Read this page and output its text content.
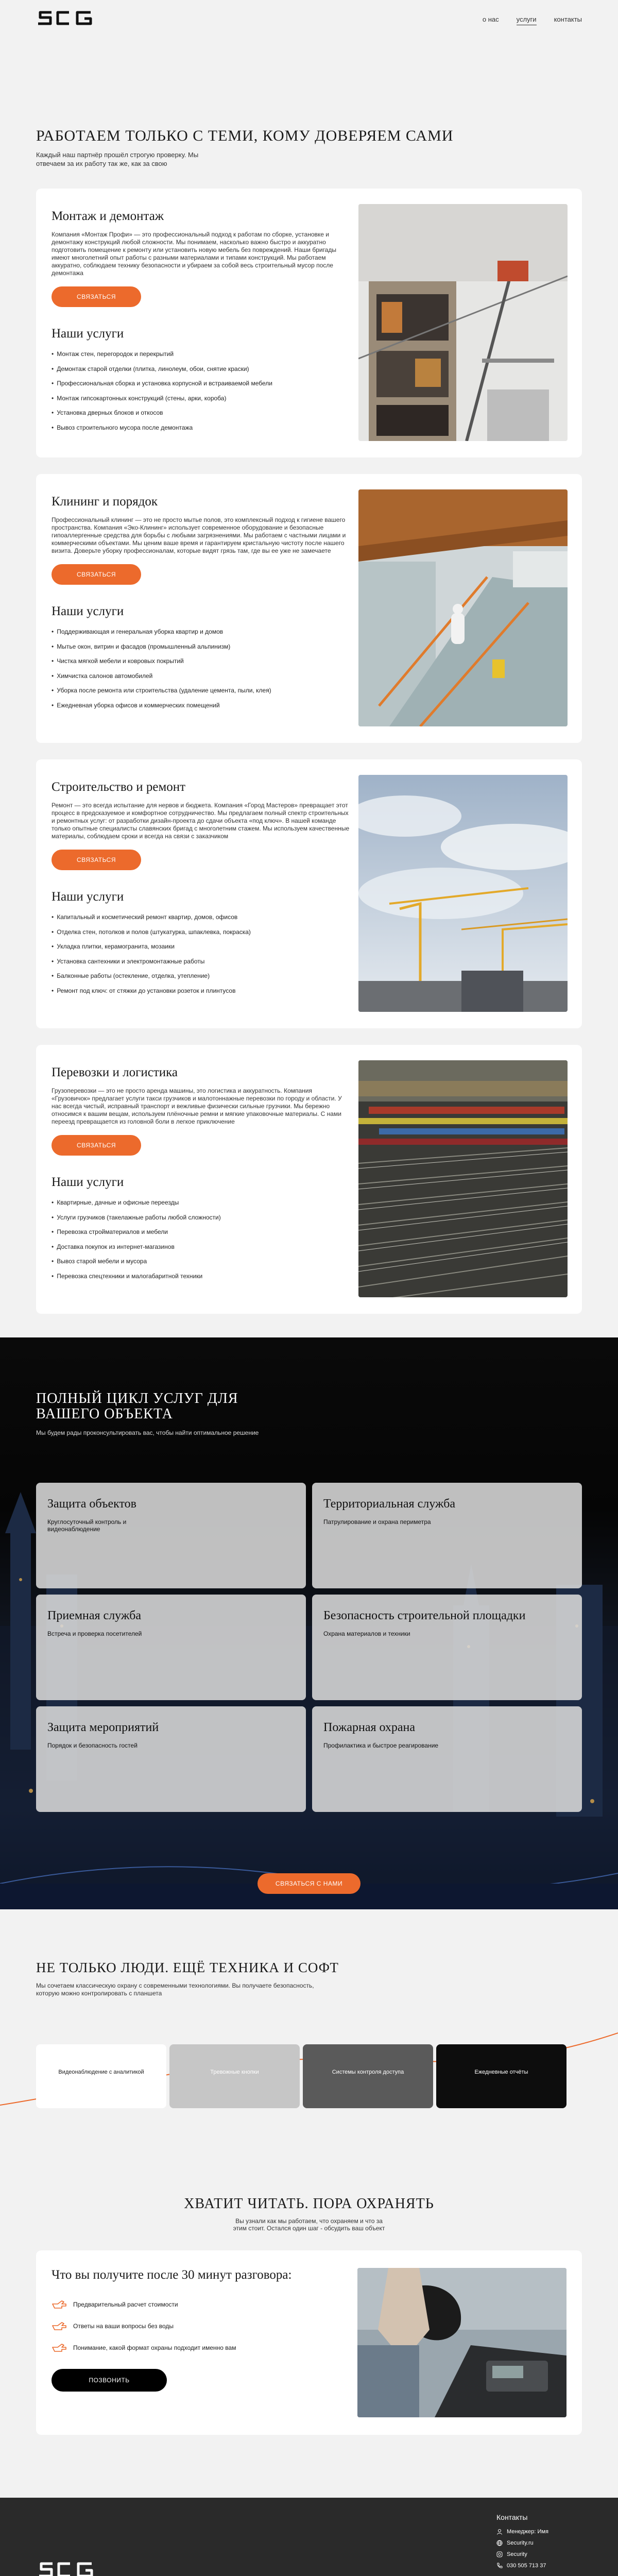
о нас	услуги	контакты
РАБОТАЕМ ТОЛЬКО С ТЕМИ, КОМУ ДОВЕРЯЕМ САМИ

Каждый наш партнёр прошёл строгую проверку. Мы отвечаем за их работу так же, как за свою

Монтаж и демонтаж

Компания «Монтаж Профи» — это профессиональный подход к работам по сборке, установке и демонтажу конструкций любой сложности. Мы понимаем, насколько важно быстро и аккуратно подготовить помещение к ремонту или установить новую мебель без повреждений. Наши бригады имеют многолетний опыт работы с разными материалами и типами конструкций. Мы работаем аккуратно, соблюдаем технику безопасности и убираем за собой весь строительный мусор после демонтажа

СВЯЗАТЬСЯ
Наши услуги
• Монтаж стен, перегородок и перекрытий
• Демонтаж старой отделки (плитка, линолеум, обои, снятие краски)
• Профессиональная сборка и установка корпусной и встраиваемой мебели
• Монтаж гипсокартонных конструкций (стены, арки, короба)
• Установка дверных блоков и откосов
• Вывоз строительного мусора после демонтажа
Клининг и порядок

Профессиональный клининг — это не просто мытье полов, это комплексный подход к гигиене вашего пространства. Компания «Эко-Клининг» использует современное оборудование и безопасные гипоаллергенные средства для борьбы с любыми загрязнениями. Мы работаем с частными лицами и коммерческими объектами. Мы ценим ваше время и гарантируем кристальную чистоту после нашего визита. Доверьте уборку профессионалам, которые видят грязь там, где вы ее уже не замечаете

СВЯЗАТЬСЯ
Наши услуги
• Поддерживающая и генеральная уборка квартир и домов
• Мытье окон, витрин и фасадов (промышленный альпинизм)
• Чистка мягкой мебели и ковровых покрытий
• Химчистка салонов автомобилей
• Уборка после ремонта или строительства (удаление цемента, пыли, клея)
• Ежедневная уборка офисов и коммерческих помещений
Строительство и ремонт

Ремонт — это всегда испытание для нервов и бюджета. Компания «Город Мастеров» превращает этот процесс в предсказуемое и комфортное сотрудничество. Мы предлагаем полный спектр строительных и ремонтных услуг: от разработки дизайн-проекта до сдачи объекта «под ключ». В нашей команде только опытные специалисты славянских бригад с многолетним стажем. Мы используем качественные материалы, соблюдаем сроки и всегда на связи с заказчиком

СВЯЗАТЬСЯ
Наши услуги
• Капитальный и косметический ремонт квартир, домов, офисов
• Отделка стен, потолков и полов (штукатурка, шпаклевка, покраска)
• Укладка плитки, керамогранита, мозаики
• Установка сантехники и электромонтажные работы
• Балконные работы (остекление, отделка, утепление)
• Ремонт под ключ: от стяжки до установки розеток и плинтусов
Перевозки и логистика

Грузоперевозки — это не просто аренда машины, это логистика и аккуратность. Компания «Грузовичок» предлагает услуги такси грузчиков и малотоннажные перевозки по городу и области. У нас всегда чистый, исправный транспорт и вежливые физически сильные грузчики. Мы бережно относимся к вашим вещам, используем плёночные ремни и мягкие упаковочные материалы. С нами переезд превращается из головной боли в легкое приключение

СВЯЗАТЬСЯ
Наши услуги
• Квартирные, дачные и офисные переезды
• Услуги грузчиков (такелажные работы любой сложности)
• Перевозка стройматериалов и мебели
• Доставка покупок из интернет-магазинов
• Вывоз старой мебели и мусора
• Перевозка спецтехники и малогабаритной техники
ПОЛНЫЙ ЦИКЛ УСЛУГ ДЛЯ ВАШЕГО ОБЪЕКТА

Мы будем рады проконсультировать вас, чтобы найти оптимальное решение

Защита объектов

Круглосуточный контроль и видеонаблюдение

Территориальная служба

Патрулирование и охрана периметра

Приемная служба

Встреча и проверка посетителей

Безопасность строительной площадки

Охрана материалов и техники

Защита мероприятий

Порядок и безопасность гостей

Пожарная охрана

Профилактика и быстрое реагирование

СВЯЗАТЬСЯ С НАМИ
НЕ ТОЛЬКО ЛЮДИ. ЕЩЁ ТЕХНИКА И СОФТ

Мы сочетаем классическую охрану с современными технологиями. Вы получаете безопасность, которую можно контролировать с планшета

Видеонаблюдение с аналитикой	Тревожные кнопки	Системы контроля доступа	Ежедневные отчёты
ХВАТИТ ЧИТАТЬ. ПОРА ОХРАНЯТЬ

Вы узнали как мы работаем, что охраняем и что за этим стоит. Остался один шаг - обсудить ваш объект

Что вы получите после 30 минут разговора:
Предварительный расчет стоимости
Ответы на ваши вопросы без воды
Понимание, какой формат охраны подходит именно вам
ПОЗВОНИТЬ
Контакты
Менеджер: Имя
Security.ru
Security
030 505 713 37
